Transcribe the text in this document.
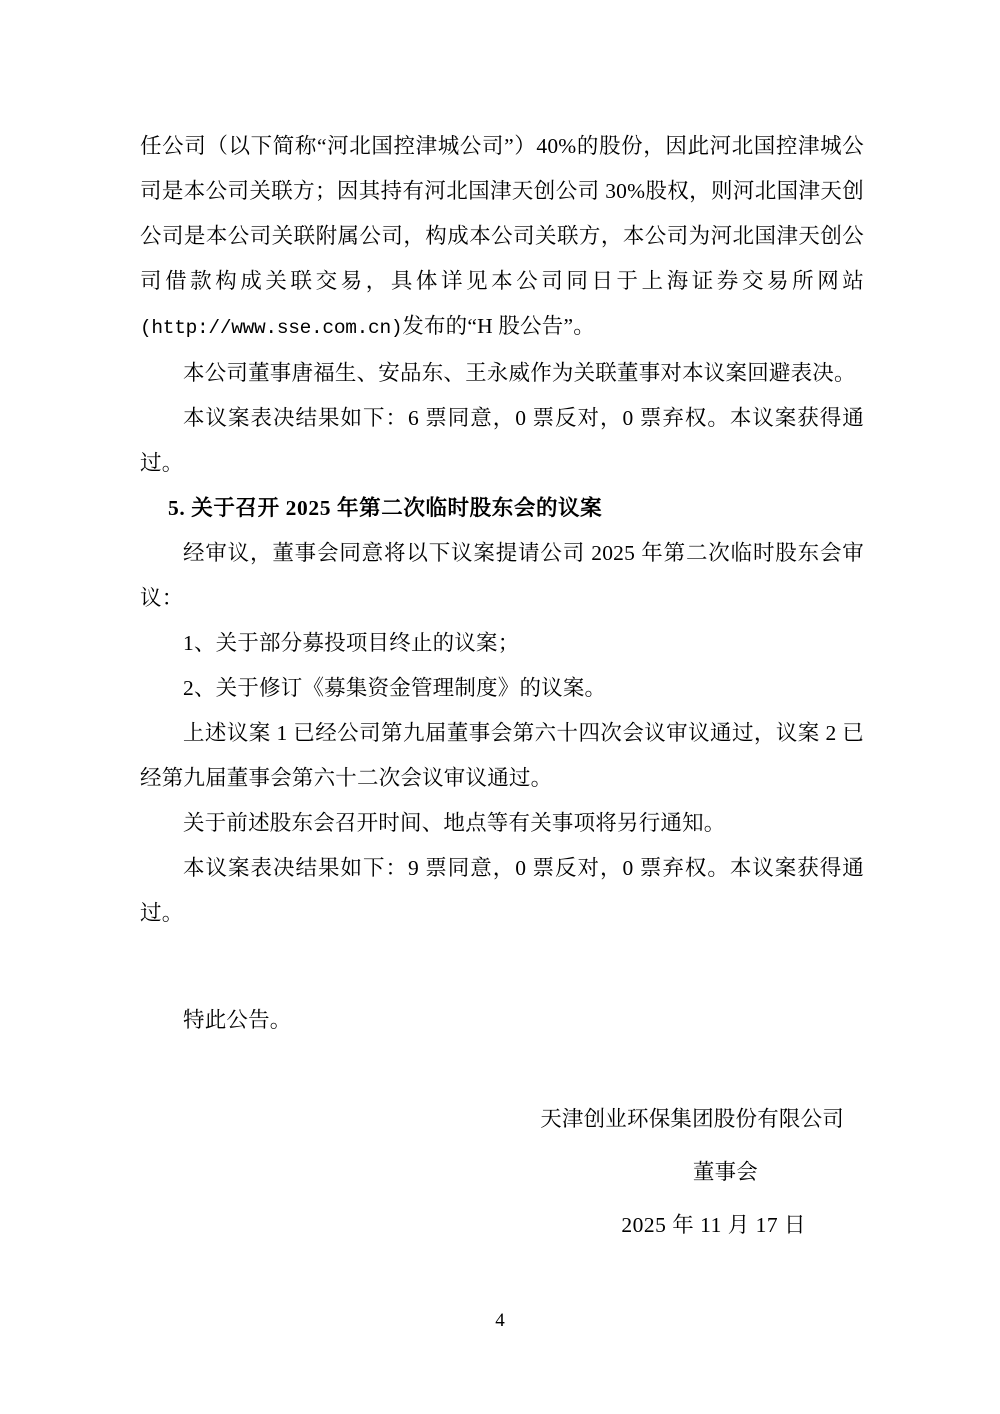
任公司（以下简称“河北国控津城公司”）40%的股份，因此河北国控津城公司是本公司关联方；因其持有河北国津天创公司 30%股权，则河北国津天创公司是本公司关联附属公司，构成本公司关联方，本公司为河北国津天创公司借款构成关联交易，具体详见本公司同日于上海证券交易所网站(http://www.sse.com.cn)发布的“H 股公告”。

本公司董事唐福生、安品东、王永威作为关联董事对本议案回避表决。

本议案表决结果如下：6 票同意，0 票反对，0 票弃权。本议案获得通过。

5. 关于召开 2025 年第二次临时股东会的议案

经审议，董事会同意将以下议案提请公司 2025 年第二次临时股东会审议：

1、关于部分募投项目终止的议案；

2、关于修订《募集资金管理制度》的议案。

上述议案 1 已经公司第九届董事会第六十四次会议审议通过，议案 2 已经第九届董事会第六十二次会议审议通过。

关于前述股东会召开时间、地点等有关事项将另行通知。

本议案表决结果如下：9 票同意，0 票反对，0 票弃权。本议案获得通过。

特此公告。

天津创业环保集团股份有限公司

董事会

2025 年 11 月 17 日

4
